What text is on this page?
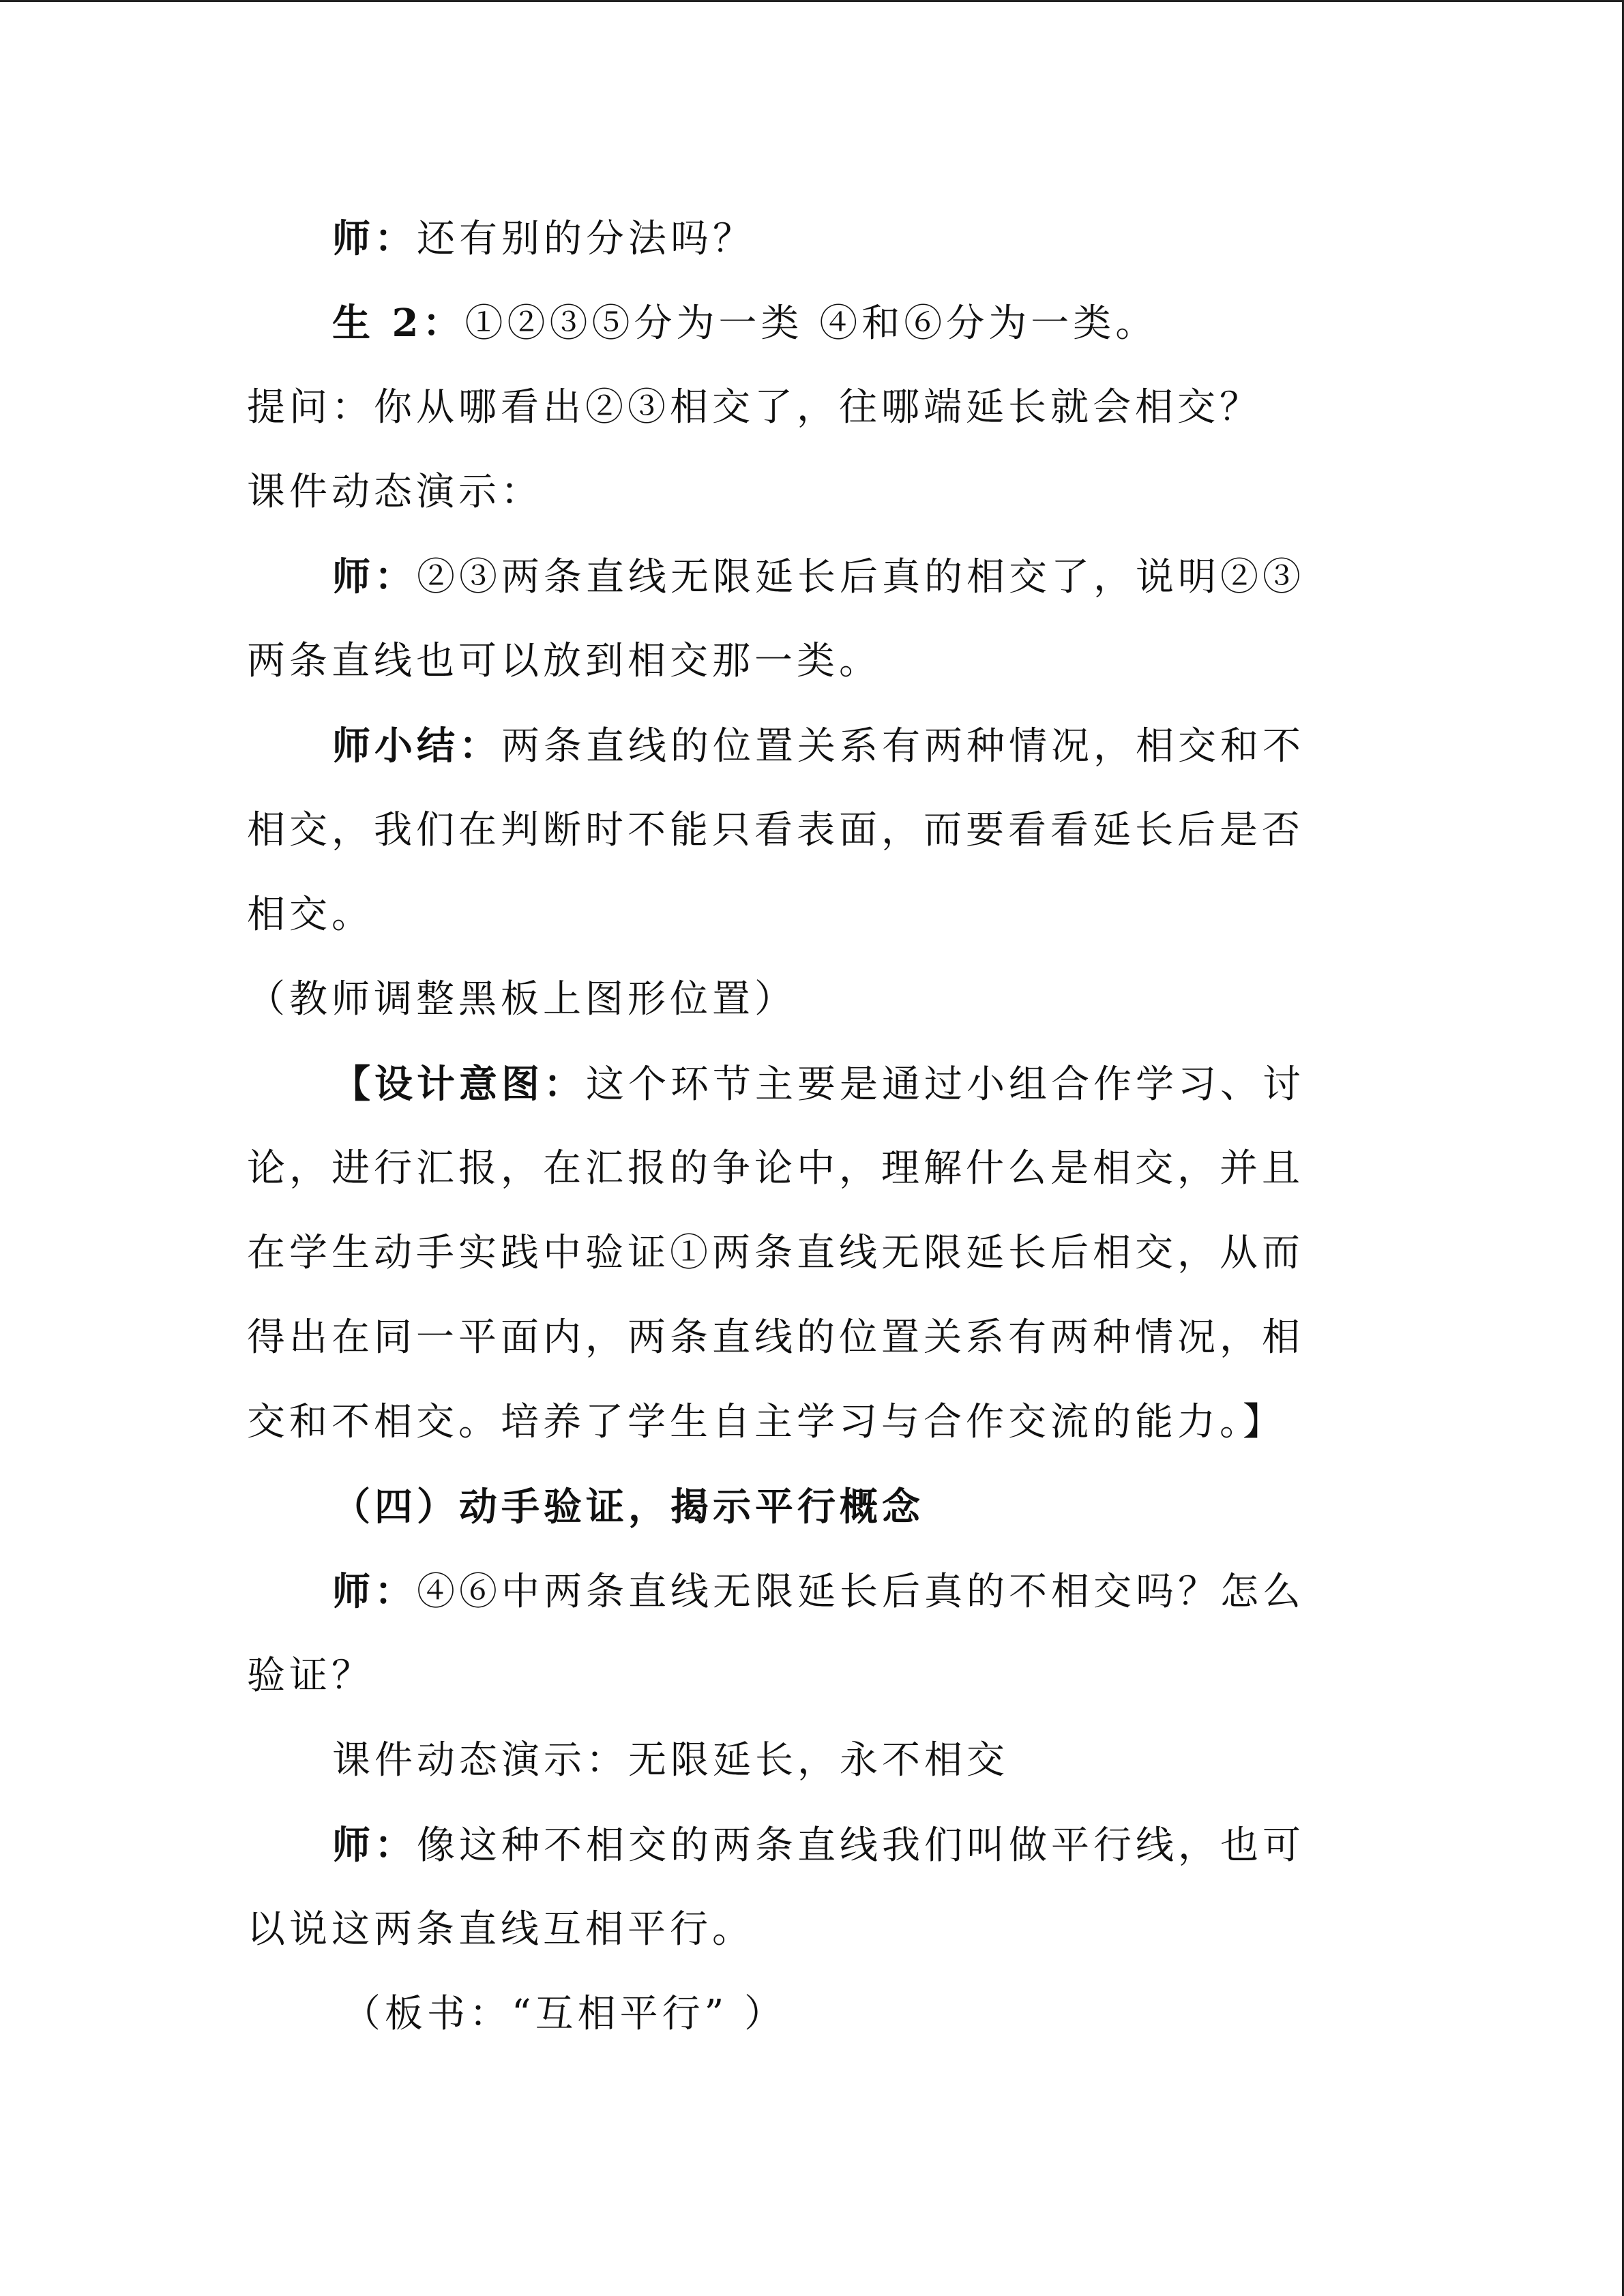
师：还有别的分法吗？
生 2：①②③⑤分为一类 ④和⑥分为一类。
提问：你从哪看出②③相交了，往哪端延长就会相交？
课件动态演示：
师：②③两条直线无限延长后真的相交了，说明②③
两条直线也可以放到相交那一类。
师小结：两条直线的位置关系有两种情况，相交和不
相交，我们在判断时不能只看表面，而要看看延长后是否
相交。
（教师调整黑板上图形位置）
【设计意图：这个环节主要是通过小组合作学习、讨
论，进行汇报，在汇报的争论中，理解什么是相交，并且
在学生动手实践中验证①两条直线无限延长后相交，从而
得出在同一平面内，两条直线的位置关系有两种情况，相
交和不相交。培养了学生自主学习与合作交流的能力。】
（四）动手验证，揭示平行概念
师：④⑥中两条直线无限延长后真的不相交吗？怎么
验证？
课件动态演示：无限延长，永不相交
师：像这种不相交的两条直线我们叫做平行线，也可
以说这两条直线互相平行。
（板书：“互相平行” ）
